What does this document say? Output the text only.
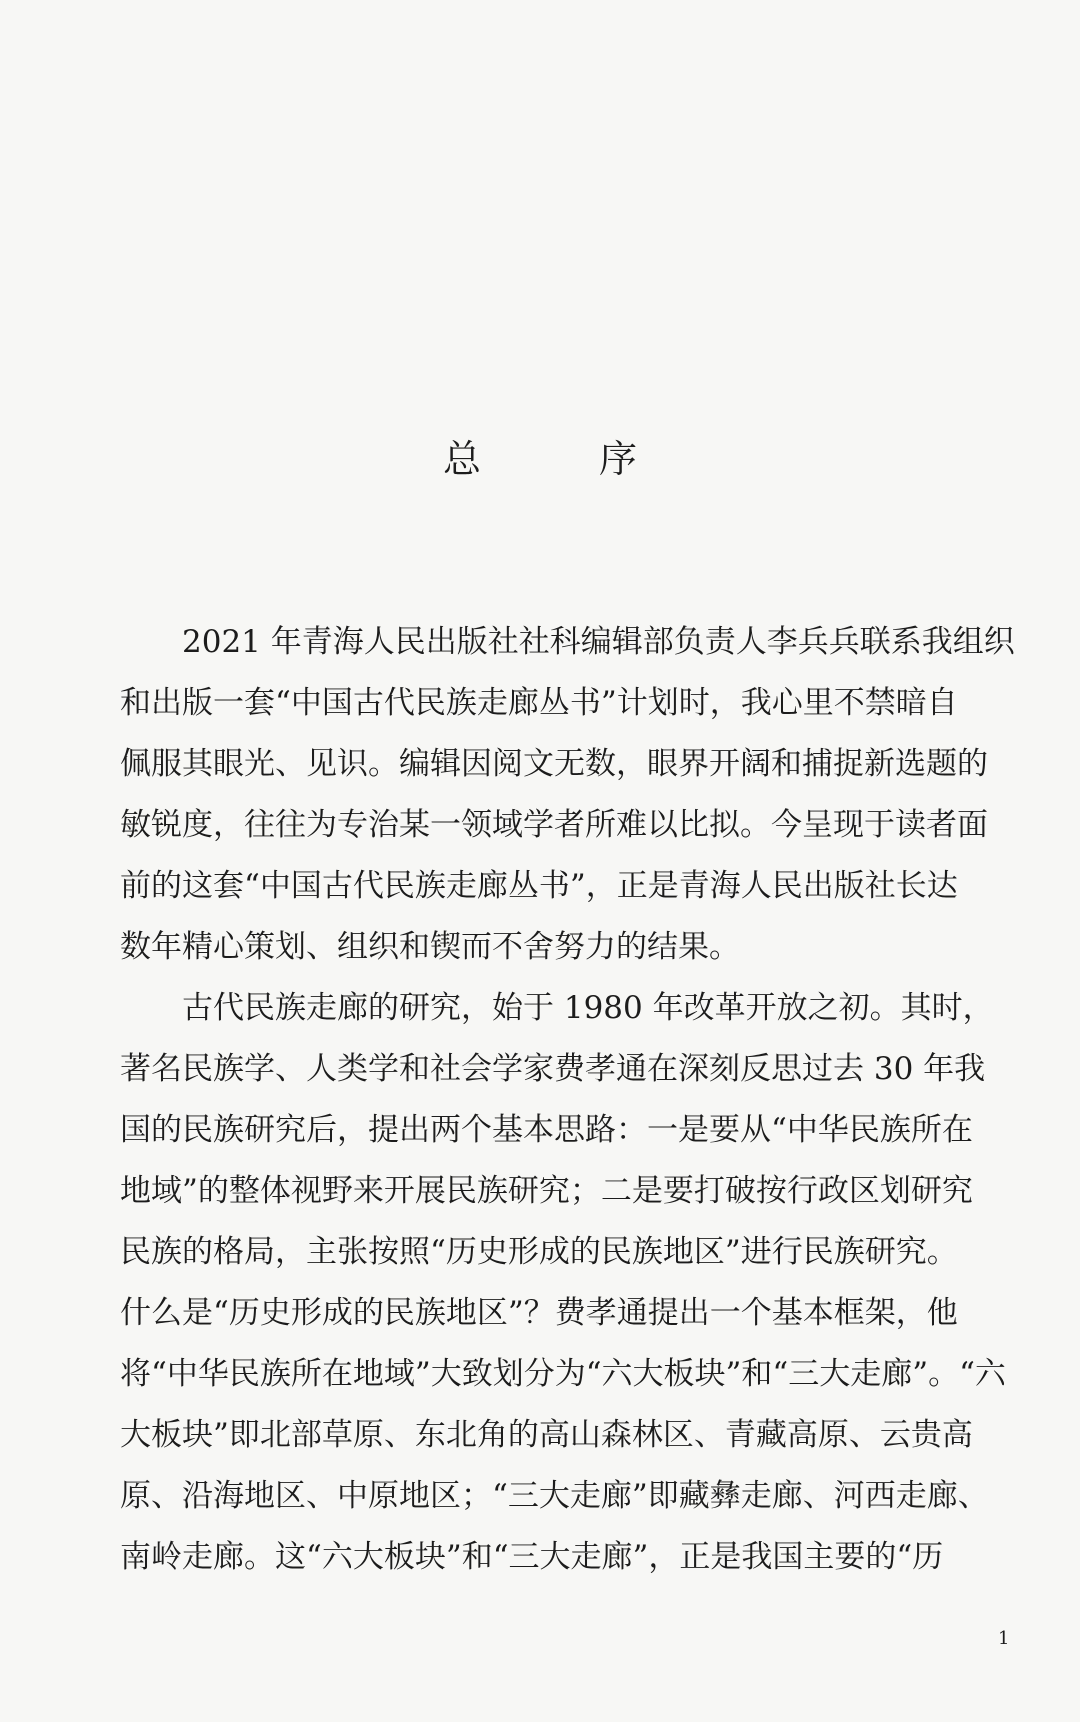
总　序
2021 年青海人民出版社社科编辑部负责人李兵兵联系我组织
和出版一套“中国古代民族走廊丛书”计划时，我心里不禁暗自
佩服其眼光、见识。编辑因阅文无数，眼界开阔和捕捉新选题的
敏锐度，往往为专治某一领域学者所难以比拟。今呈现于读者面
前的这套“中国古代民族走廊丛书”，正是青海人民出版社长达
数年精心策划、组织和锲而不舍努力的结果。
古代民族走廊的研究，始于 1980 年改革开放之初。其时，
著名民族学、人类学和社会学家费孝通在深刻反思过去 30 年我
国的民族研究后，提出两个基本思路：一是要从“中华民族所在
地域”的整体视野来开展民族研究；二是要打破按行政区划研究
民族的格局，主张按照“历史形成的民族地区”进行民族研究。
什么是“历史形成的民族地区”？费孝通提出一个基本框架，他
将“中华民族所在地域”大致划分为“六大板块”和“三大走廊”。“六
大板块”即北部草原、东北角的高山森林区、青藏高原、云贵高
原、沿海地区、中原地区；“三大走廊”即藏彝走廊、河西走廊、
南岭走廊。这“六大板块”和“三大走廊”，正是我国主要的“历
1
